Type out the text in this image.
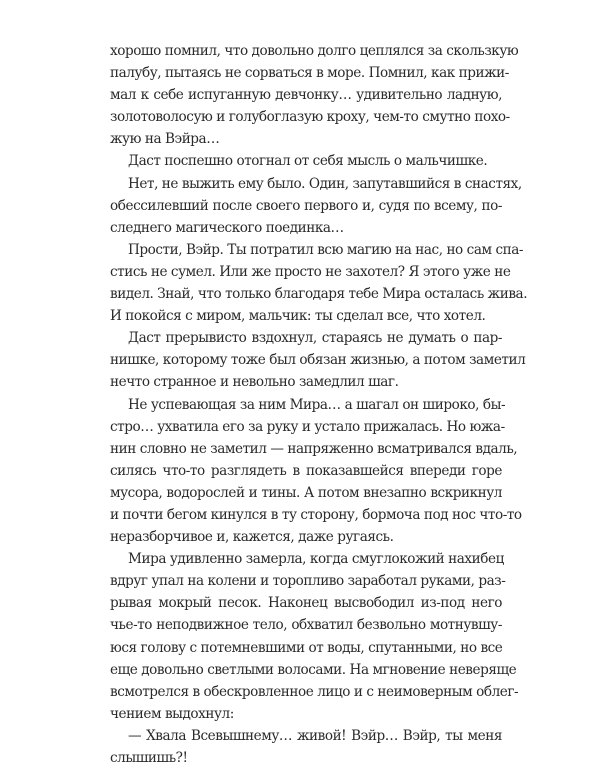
хорошо помнил, что довольно долго цеплялся за скользкую
палубу, пытаясь не сорваться в море. Помнил, как прижи-
мал к себе испуганную девчонку… удивительно ладную,
золотоволосую и голубоглазую кроху, чем-то смутно похо-
жую на Вэйра…
Даст поспешно отогнал от себя мысль о мальчишке.
Нет, не выжить ему было. Один, запутавшийся в снастях,
обессилевший после своего первого и, судя по всему, по-
следнего магического поединка…
Прости, Вэйр. Ты потратил всю магию на нас, но сам спа-
стись не сумел. Или же просто не захотел? Я этого уже не
видел. Знай, что только благодаря тебе Мира осталась жива.
И покойся с миром, мальчик: ты сделал все, что хотел.
Даст прерывисто вздохнул, стараясь не думать о пар-
нишке, которому тоже был обязан жизнью, а потом заметил
нечто странное и невольно замедлил шаг.
Не успевающая за ним Мира… а шагал он широко, бы-
стро… ухватила его за руку и устало прижалась. Но южа-
нин словно не заметил — напряженно всматривался вдаль,
силясь что-то разглядеть в показавшейся впереди горе
мусора, водорослей и тины. А потом внезапно вскрикнул
и почти бегом кинулся в ту сторону, бормоча под нос что-то
неразборчивое и, кажется, даже ругаясь.
Мира удивленно замерла, когда смуглокожий нахибец
вдруг упал на колени и торопливо заработал руками, раз-
рывая мокрый песок. Наконец высвободил из-под него
чье-то неподвижное тело, обхватил безвольно мотнувшу-
юся голову с потемневшими от воды, спутанными, но все
еще довольно светлыми волосами. На мгновение неверяще
всмотрелся в обескровленное лицо и с неимоверным облег-
чением выдохнул:
— Хвала Всевышнему… живой! Вэйр… Вэйр, ты меня
слышишь?!
